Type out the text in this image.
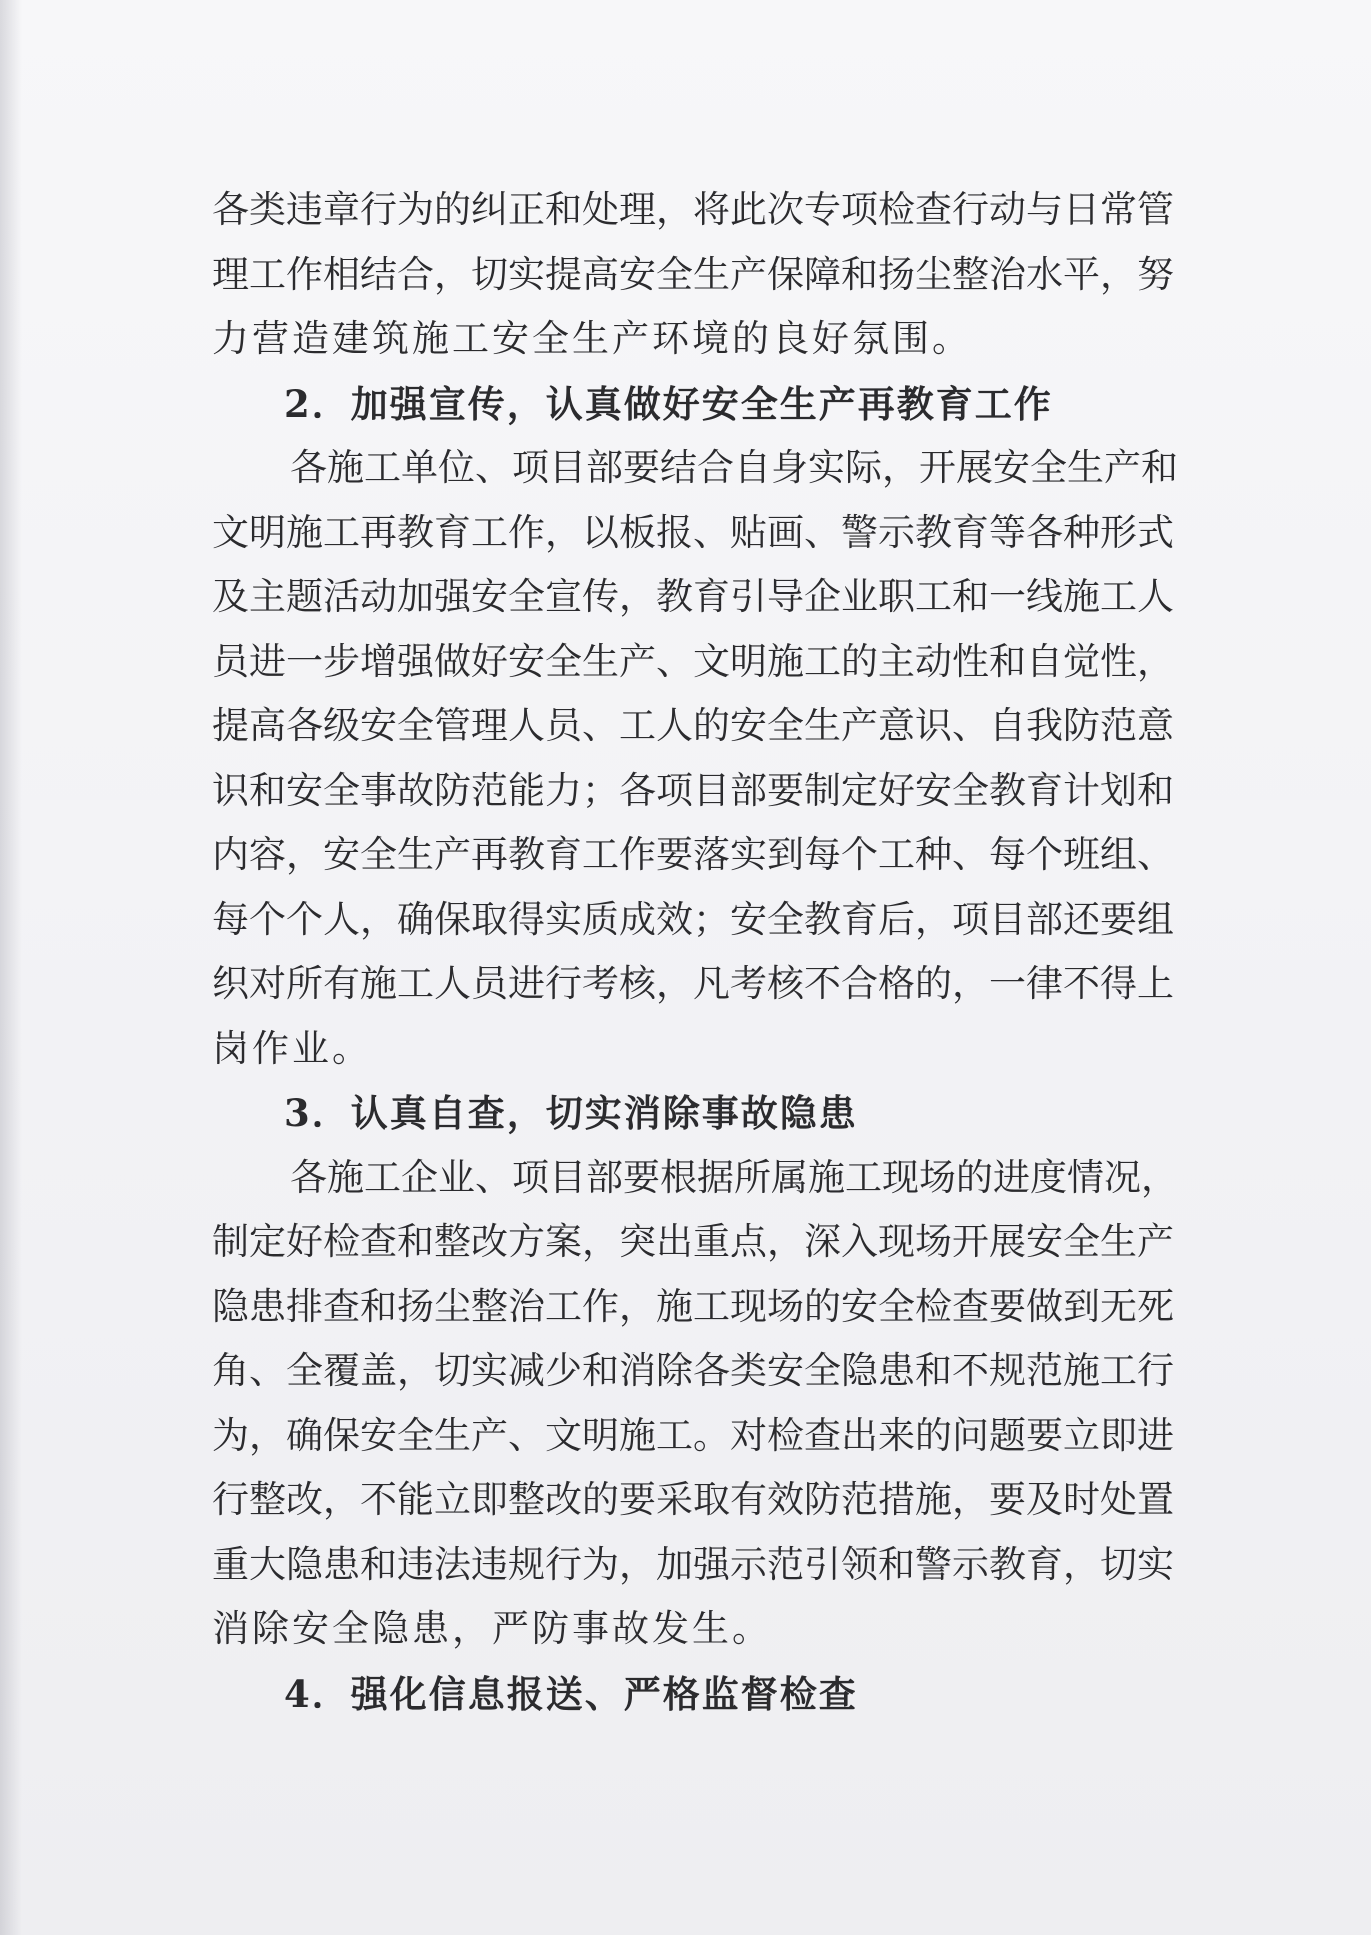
各类违章行为的纠正和处理，将此次专项检查行动与日常管
理工作相结合，切实提高安全生产保障和扬尘整治水平，努
力营造建筑施工安全生产环境的良好氛围。
2．加强宣传，认真做好安全生产再教育工作
各施工单位、项目部要结合自身实际，开展安全生产和
文明施工再教育工作，以板报、贴画、警示教育等各种形式
及主题活动加强安全宣传，教育引导企业职工和一线施工人
员进一步增强做好安全生产、文明施工的主动性和自觉性，
提高各级安全管理人员、工人的安全生产意识、自我防范意
识和安全事故防范能力；各项目部要制定好安全教育计划和
内容，安全生产再教育工作要落实到每个工种、每个班组、
每个个人，确保取得实质成效；安全教育后，项目部还要组
织对所有施工人员进行考核，凡考核不合格的，一律不得上
岗作业。
3．认真自查，切实消除事故隐患
各施工企业、项目部要根据所属施工现场的进度情况，
制定好检查和整改方案，突出重点，深入现场开展安全生产
隐患排查和扬尘整治工作，施工现场的安全检查要做到无死
角、全覆盖，切实减少和消除各类安全隐患和不规范施工行
为，确保安全生产、文明施工。对检查出来的问题要立即进
行整改，不能立即整改的要采取有效防范措施，要及时处置
重大隐患和违法违规行为，加强示范引领和警示教育，切实
消除安全隐患，严防事故发生。
4．强化信息报送、严格监督检查
